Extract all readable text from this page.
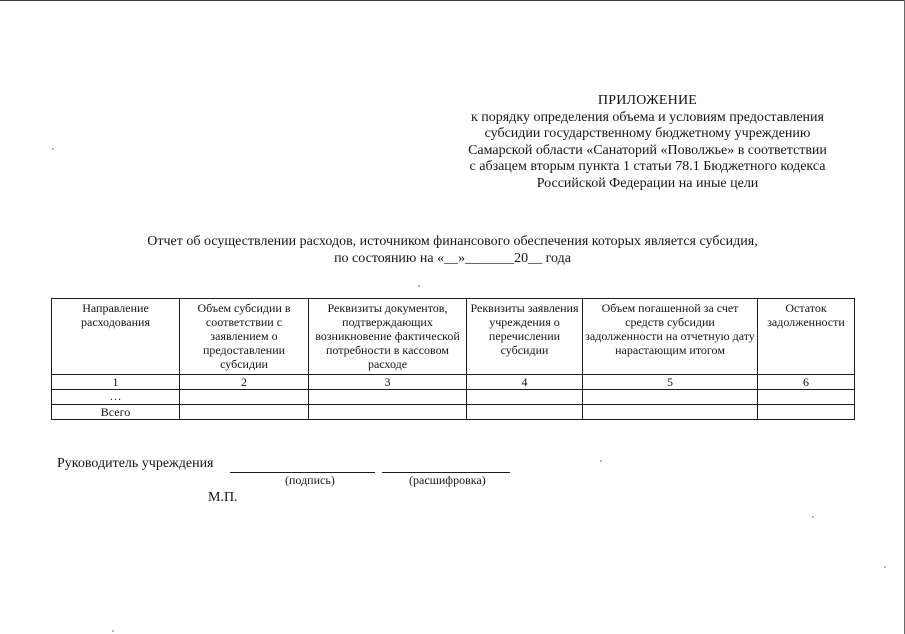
ПРИЛОЖЕНИЕ
к порядку определения объема и условиям предоставления
субсидии государственному бюджетному учреждению
Самарской области «Санаторий «Поволжье» в соответствии
с абзацем вторым пункта 1 статьи 78.1 Бюджетного кодекса
Российской Федерации на иные цели
Отчет об осуществлении расходов, источником финансового обеспечения которых является субсидия,
по состоянию на «__»_______20__ года
Направление расходования	Объем субсидии в соответствии с заявлением о предоставлении субсидии	Реквизиты документов, подтверждающих возникновение фактической потребности в кассовом расходе	Реквизиты заявления учреждения о перечислении субсидии	Объем погашенной за счет средств субсидии задолженности на отчетную дату нарастающим итогом	Остаток задолженности
1	2	3	4	5	6
…					
Всего					
Руководитель учреждения
(подпись)	(расшифровка)
М.П.
